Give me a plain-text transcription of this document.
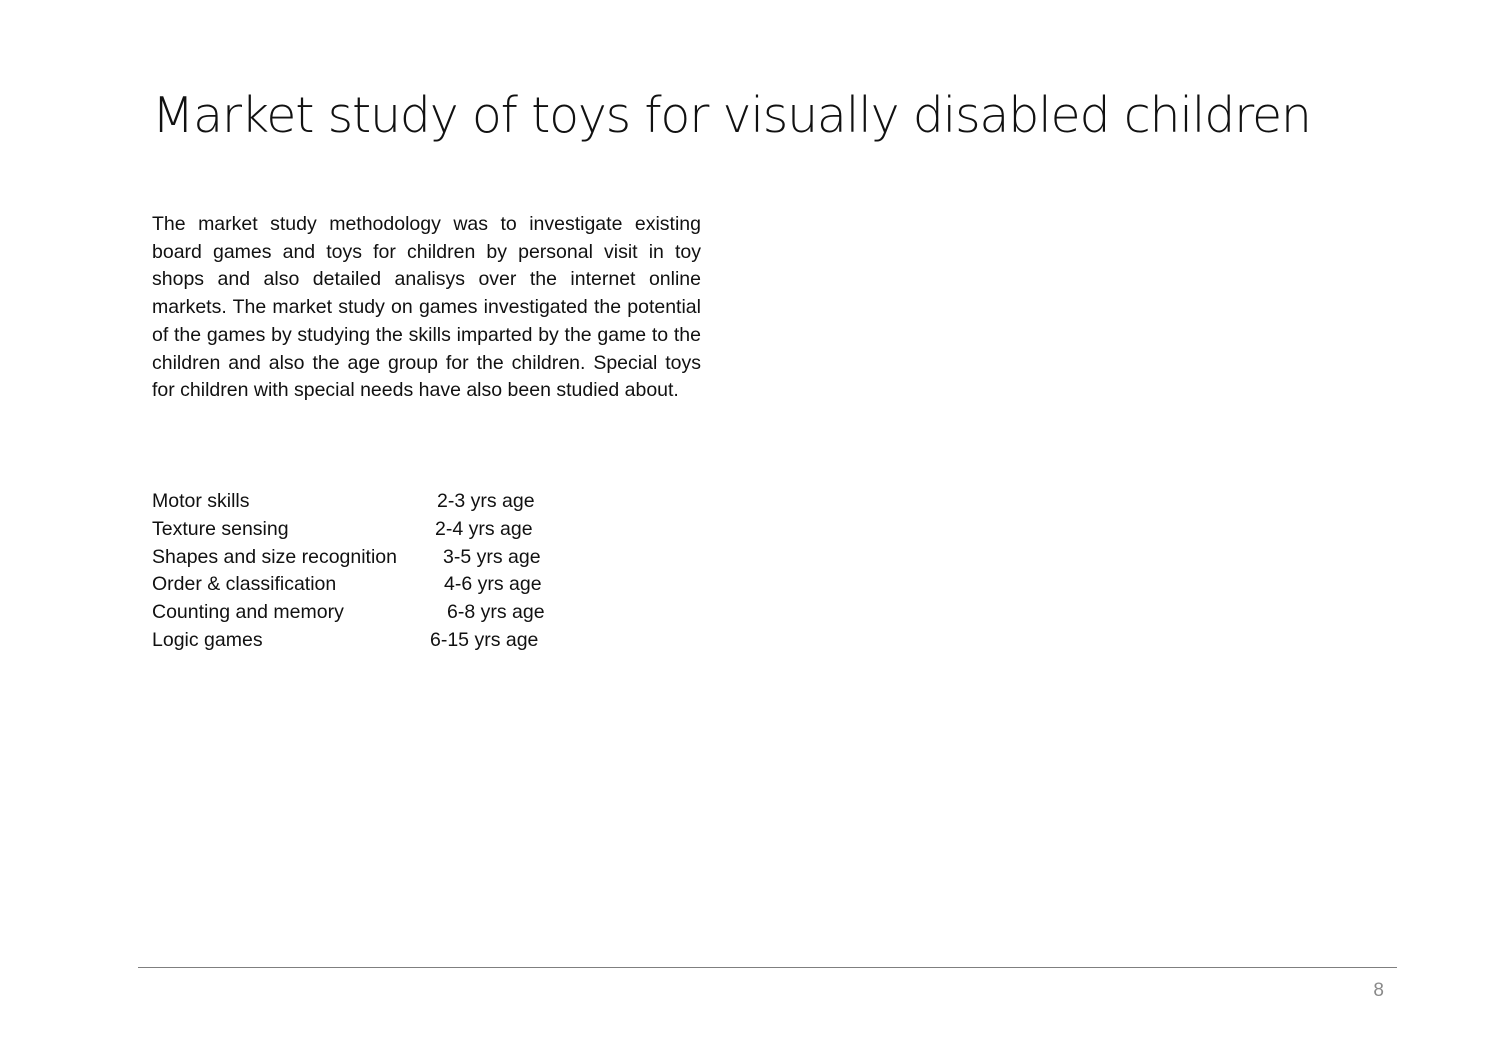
Market study of toys for visually disabled children

The market study methodology was to investigate existing board games and toys for children by personal visit in toy shops and also detailed analisys over the internet online markets. The market study on games investigated the potential of the games by studying the skills imparted by the game to the children and also the age group for the children. Special toys for children with special needs have also been studied about.

Motor skills	2-3 yrs age
Texture sensing	2-4 yrs age
Shapes and size recognition 3-5 yrs age
Order & classification	4-6 yrs age
Counting and memory	6-8 yrs age
Logic games	6-15 yrs age
8
